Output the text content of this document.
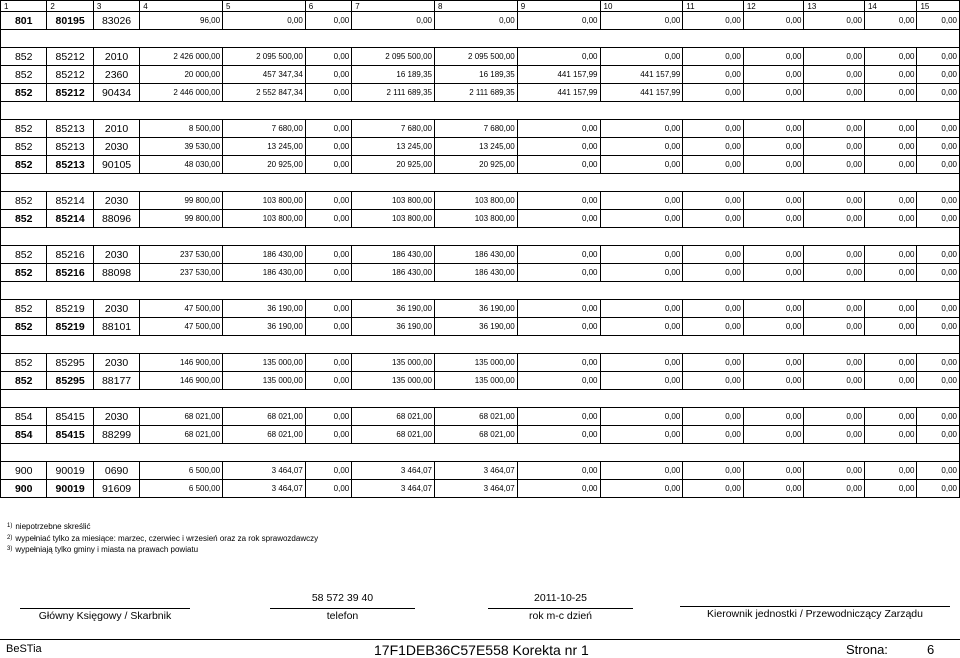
1	2	3	4	5	6	7	8	9	10	11	12	13	14	15
801	80195	83026	96,00	0,00	0,00	0,00	0,00	0,00	0,00	0,00	0,00	0,00	0,00	0,00

852	85212	2010	2 426 000,00	2 095 500,00	0,00	2 095 500,00	2 095 500,00	0,00	0,00	0,00	0,00	0,00	0,00	0,00
852	85212	2360	20 000,00	457 347,34	0,00	16 189,35	16 189,35	441 157,99	441 157,99	0,00	0,00	0,00	0,00	0,00
852	85212	90434	2 446 000,00	2 552 847,34	0,00	2 111 689,35	2 111 689,35	441 157,99	441 157,99	0,00	0,00	0,00	0,00	0,00

852	85213	2010	8 500,00	7 680,00	0,00	7 680,00	7 680,00	0,00	0,00	0,00	0,00	0,00	0,00	0,00
852	85213	2030	39 530,00	13 245,00	0,00	13 245,00	13 245,00	0,00	0,00	0,00	0,00	0,00	0,00	0,00
852	85213	90105	48 030,00	20 925,00	0,00	20 925,00	20 925,00	0,00	0,00	0,00	0,00	0,00	0,00	0,00

852	85214	2030	99 800,00	103 800,00	0,00	103 800,00	103 800,00	0,00	0,00	0,00	0,00	0,00	0,00	0,00
852	85214	88096	99 800,00	103 800,00	0,00	103 800,00	103 800,00	0,00	0,00	0,00	0,00	0,00	0,00	0,00

852	85216	2030	237 530,00	186 430,00	0,00	186 430,00	186 430,00	0,00	0,00	0,00	0,00	0,00	0,00	0,00
852	85216	88098	237 530,00	186 430,00	0,00	186 430,00	186 430,00	0,00	0,00	0,00	0,00	0,00	0,00	0,00

852	85219	2030	47 500,00	36 190,00	0,00	36 190,00	36 190,00	0,00	0,00	0,00	0,00	0,00	0,00	0,00
852	85219	88101	47 500,00	36 190,00	0,00	36 190,00	36 190,00	0,00	0,00	0,00	0,00	0,00	0,00	0,00

852	85295	2030	146 900,00	135 000,00	0,00	135 000,00	135 000,00	0,00	0,00	0,00	0,00	0,00	0,00	0,00
852	85295	88177	146 900,00	135 000,00	0,00	135 000,00	135 000,00	0,00	0,00	0,00	0,00	0,00	0,00	0,00

854	85415	2030	68 021,00	68 021,00	0,00	68 021,00	68 021,00	0,00	0,00	0,00	0,00	0,00	0,00	0,00
854	85415	88299	68 021,00	68 021,00	0,00	68 021,00	68 021,00	0,00	0,00	0,00	0,00	0,00	0,00	0,00

900	90019	0690	6 500,00	3 464,07	0,00	3 464,07	3 464,07	0,00	0,00	0,00	0,00	0,00	0,00	0,00
900	90019	91609	6 500,00	3 464,07	0,00	3 464,07	3 464,07	0,00	0,00	0,00	0,00	0,00	0,00	0,00
$^{1)}$ niepotrzebne skreślić
$^{2)}$ wypełniać tylko za miesiące: marzec, czerwiec i wrzesień oraz za rok sprawozdawczy
$^{3)}$ wypełniają tylko gminy i miasta na prawach powiatu
Główny Księgowy / Skarbnik
58 572 39 40
telefon
2011-10-25
rok m-c dzień	Kierownik jednostki / Przewodniczący Zarządu
BeSTia	17F1DEB36C57E558 Korekta nr 1	Strona:	6
